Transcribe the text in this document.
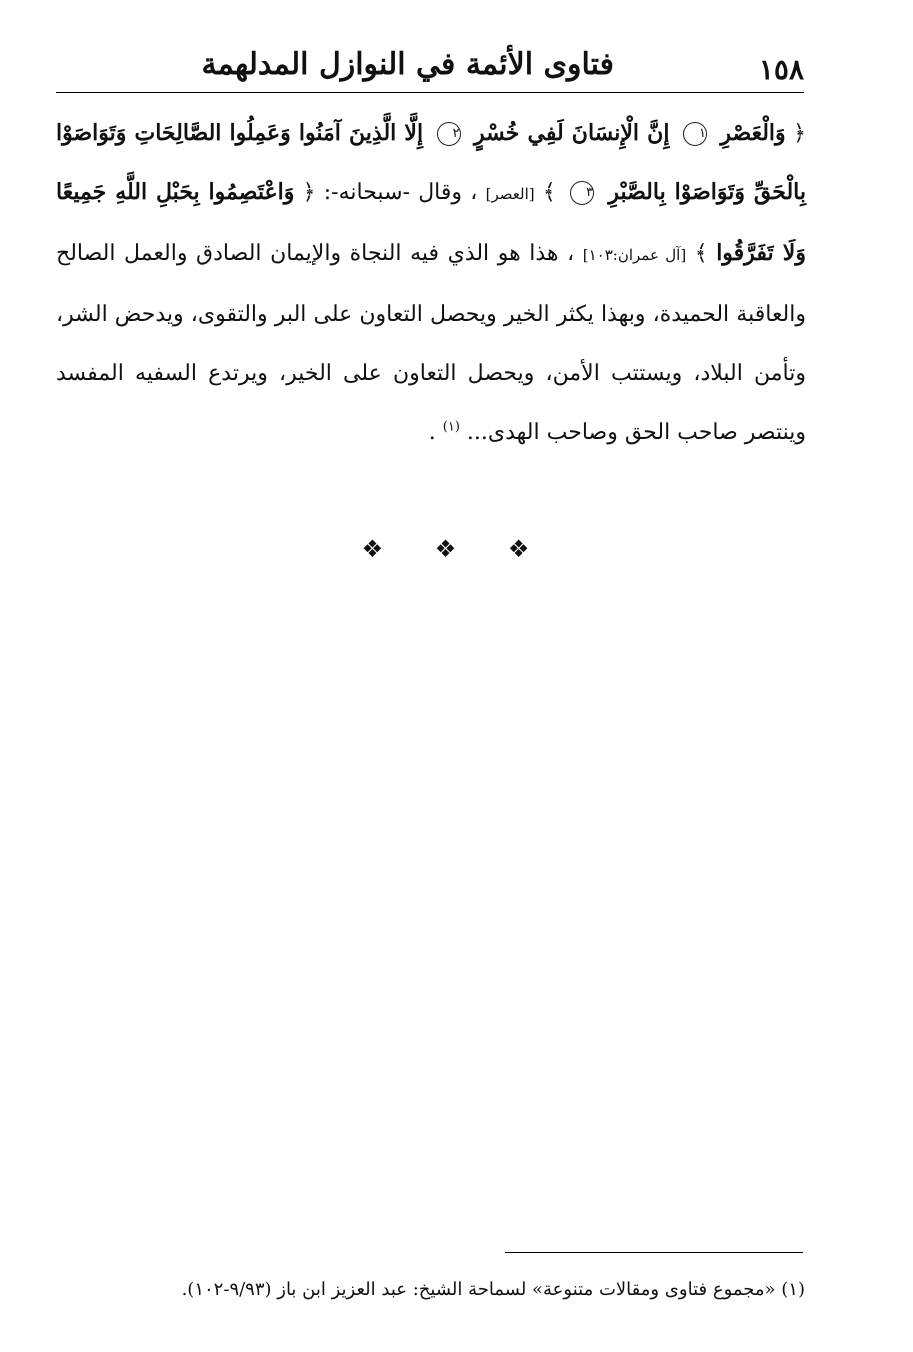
١٥٨
فتاوى الأئمة في النوازل المدلهمة
﴿ وَالْعَصْرِ ١ إِنَّ الْإِنسَانَ لَفِي خُسْرٍ ٢ إِلَّا الَّذِينَ آمَنُوا وَعَمِلُوا الصَّالِحَاتِ وَتَوَاصَوْا بِالْحَقِّ وَتَوَاصَوْا بِالصَّبْرِ ٣ ﴾ [العصر] ، وقال -سبحانه-: ﴿ وَاعْتَصِمُوا بِحَبْلِ اللَّهِ جَمِيعًا وَلَا تَفَرَّقُوا ﴾ [آل عمران:١٠٣] ، هذا هو الذي فيه النجاة والإيمان الصادق والعمل الصالح والعاقبة الحميدة، وبهذا يكثر الخير ويحصل التعاون على البر والتقوى، ويدحض الشر، وتأمن البلاد، ويستتب الأمن، ويحصل التعاون على الخير، ويرتدع السفيه المفسد وينتصر صاحب الحق وصاحب الهدى... $^{(١)}$ .
❖ ❖ ❖
(١) «مجموع فتاوى ومقالات متنوعة» لسماحة الشيخ: عبد العزيز ابن باز (٩/٩٣-١٠٢).
